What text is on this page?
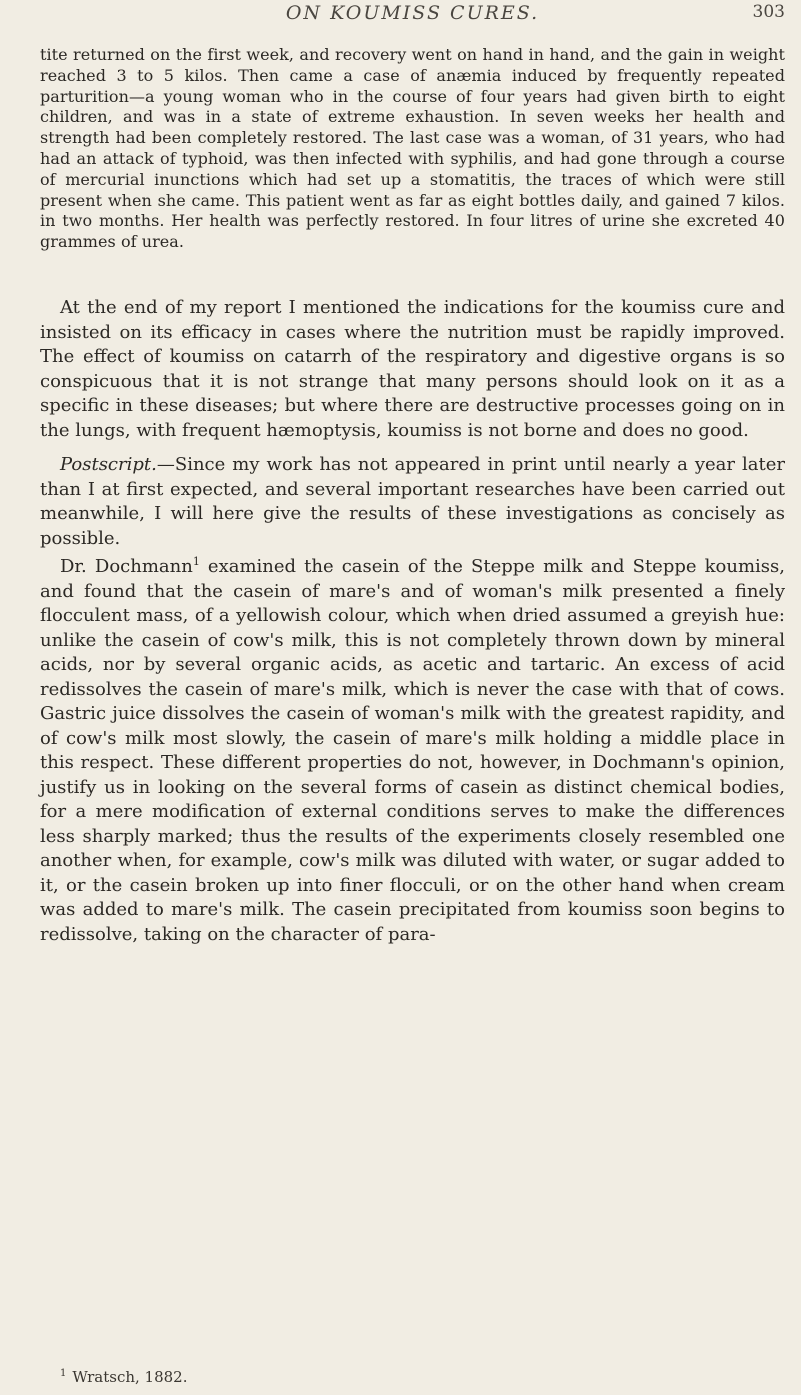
ON KOUMISS CURES.	303

tite returned on the first week, and recovery went on hand in hand, and the gain in weight reached 3 to 5 kilos. Then came a case of anæmia induced by frequently repeated parturition—a young woman who in the course of four years had given birth to eight children, and was in a state of extreme exhaustion. In seven weeks her health and strength had been completely restored. The last case was a woman, of 31 years, who had had an attack of typhoid, was then infected with syphilis, and had gone through a course of mercurial inunctions which had set up a stomatitis, the traces of which were still present when she came. This patient went as far as eight bottles daily, and gained 7 kilos. in two months. Her health was perfectly restored. In four litres of urine she excreted 40 grammes of urea.

At the end of my report I mentioned the indications for the koumiss cure and insisted on its efficacy in cases where the nutrition must be rapidly improved. The effect of koumiss on catarrh of the respiratory and digestive organs is so conspicuous that it is not strange that many persons should look on it as a specific in these diseases; but where there are destructive processes going on in the lungs, with frequent hæmoptysis, koumiss is not borne and does no good.

Postscript.—Since my work has not appeared in print until nearly a year later than I at first expected, and several important researches have been carried out meanwhile, I will here give the results of these investigations as concisely as possible.

Dr. Dochmann$^1$ examined the casein of the Steppe milk and Steppe koumiss, and found that the casein of mare's and of woman's milk presented a finely flocculent mass, of a yellowish colour, which when dried assumed a greyish hue: unlike the casein of cow's milk, this is not completely thrown down by mineral acids, nor by several organic acids, as acetic and tartaric. An excess of acid redissolves the casein of mare's milk, which is never the case with that of cows. Gastric juice dissolves the casein of woman's milk with the greatest rapidity, and of cow's milk most slowly, the casein of mare's milk holding a middle place in this respect. These different properties do not, however, in Dochmann's opinion, justify us in looking on the several forms of casein as distinct chemical bodies, for a mere modification of external conditions serves to make the differences less sharply marked; thus the results of the experiments closely resembled one another when, for example, cow's milk was diluted with water, or sugar added to it, or the casein broken up into finer flocculi, or on the other hand when cream was added to mare's milk. The casein precipitated from koumiss soon begins to redissolve, taking on the character of para-

$^1$ Wratsch, 1882.
